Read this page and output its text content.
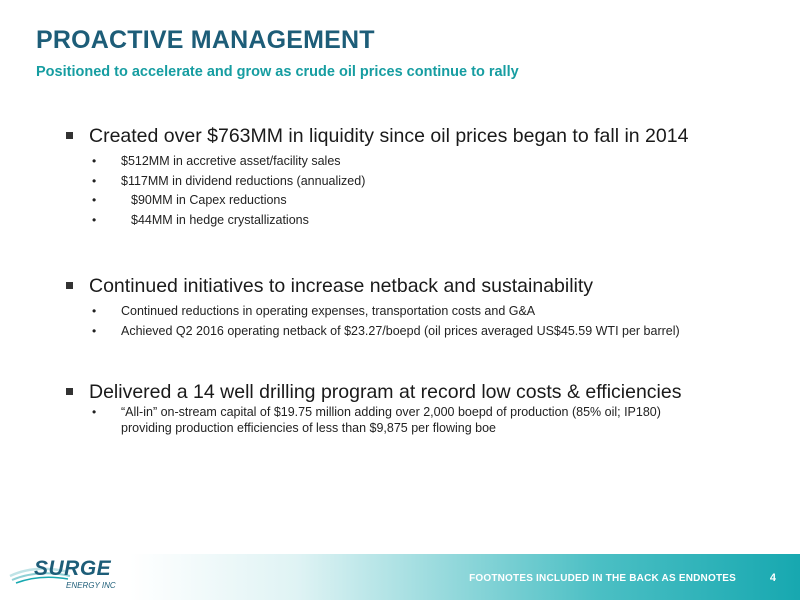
PROACTIVE MANAGEMENT

Positioned to accelerate and grow as crude oil prices continue to rally

Created over $763MM in liquidity since oil prices began to fall in 2014
• $512MM in accretive asset/facility sales
• $117MM in dividend reductions (annualized)
•	$90MM in Capex reductions
•	$44MM in hedge crystallizations
Continued initiatives to increase netback and sustainability
• Continued reductions in operating expenses, transportation costs and G&A
• Achieved Q2 2016 operating netback of $23.27/boepd (oil prices averaged US$45.59 WTI per barrel)
Delivered a 14 well drilling program at record low costs & efficiencies
• “All-in” on-stream capital of $19.75 million adding over 2,000 boepd of production (85% oil; IP180) providing production efficiencies of less than $9,875 per flowing boe
FOOTNOTES INCLUDED IN THE BACK AS ENDNOTES	4
SURGE
ENERGY INC
